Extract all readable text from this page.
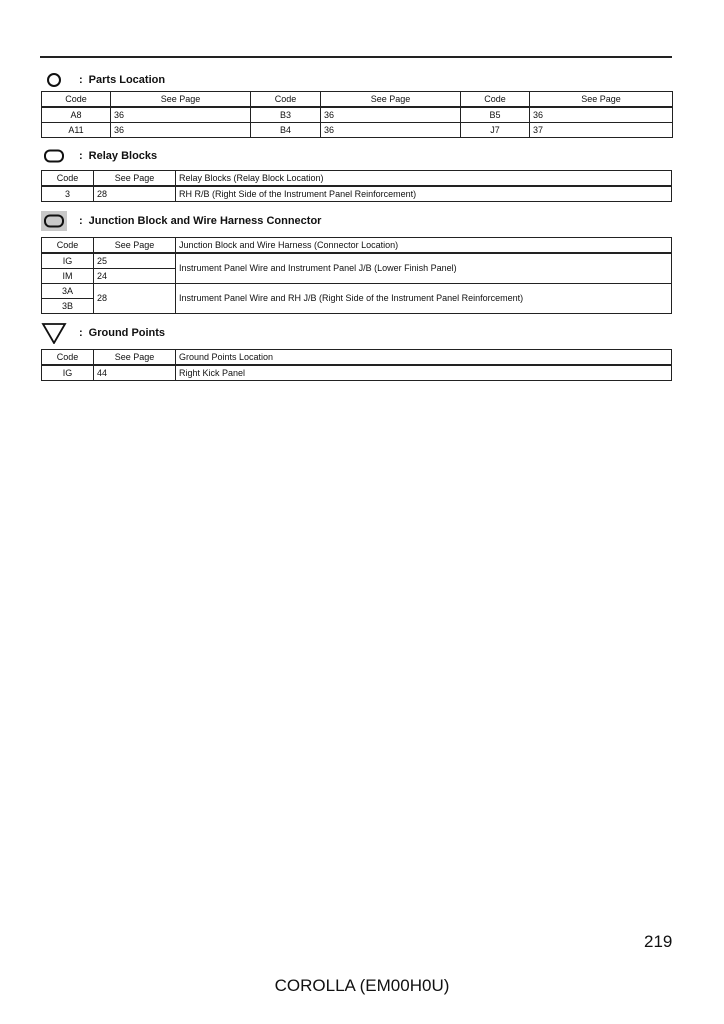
: Parts Location
Code	See Page	Code	See Page	Code	See Page
A8	36	B3	36	B5	36
A11	36	B4	36	J7	37
: Relay Blocks
Code	See Page	Relay Blocks (Relay Block Location)
3	28	RH R/B (Right Side of the Instrument Panel Reinforcement)
: Junction Block and Wire Harness Connector
Code	See Page	Junction Block and Wire Harness (Connector Location)
IG	25	Instrument Panel Wire and Instrument Panel J/B (Lower Finish Panel)
IM	24	
3A	28	Instrument Panel Wire and RH J/B (Right Side of the Instrument Panel Reinforcement)
3B		
: Ground Points
Code	See Page	Ground Points Location
IG	44	Right Kick Panel
219
COROLLA (EM00H0U)
